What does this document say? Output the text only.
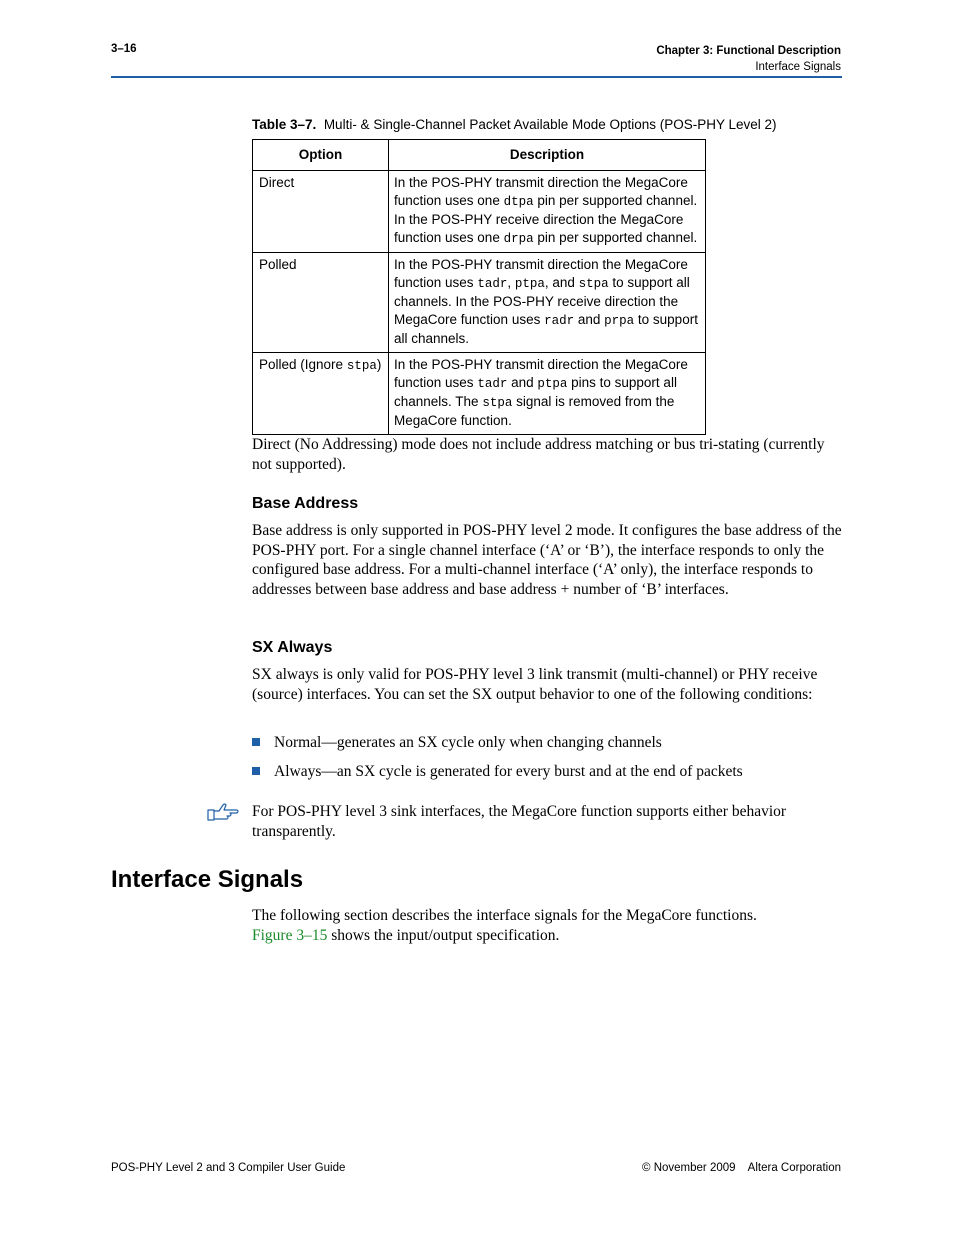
3–16	Chapter 3: Functional Description
Interface Signals
Table 3–7. Multi- & Single-Channel Packet Available Mode Options (POS-PHY Level 2)
Option	Description
Direct	In the POS-PHY transmit direction the MegaCore function uses one dtpa pin per supported channel. In the POS-PHY receive direction the MegaCore function uses one drpa pin per supported channel.
Polled	In the POS-PHY transmit direction the MegaCore function uses tadr, ptpa, and stpa to support all channels. In the POS-PHY receive direction the MegaCore function uses radr and prpa to support all channels.
Polled (Ignore stpa)	In the POS-PHY transmit direction the MegaCore function uses tadr and ptpa pins to support all channels. The stpa signal is removed from the MegaCore function.
Direct (No Addressing) mode does not include address matching or bus tri-stating (currently not supported).
Base Address
Base address is only supported in POS-PHY level 2 mode. It configures the base address of the POS-PHY port. For a single channel interface (‘A’ or ‘B’), the interface responds to only the configured base address. For a multi-channel interface (‘A’ only), the interface responds to addresses between base address and base address + number of ‘B’ interfaces.
SX Always
SX always is only valid for POS-PHY level 3 link transmit (multi-channel) or PHY receive (source) interfaces. You can set the SX output behavior to one of the following conditions:
Normal—generates an SX cycle only when changing channels
Always—an SX cycle is generated for every burst and at the end of packets
For POS-PHY level 3 sink interfaces, the MegaCore function supports either behavior transparently.
Interface Signals
The following section describes the interface signals for the MegaCore functions.
Figure 3–15 shows the input/output specification.
POS-PHY Level 2 and 3 Compiler User Guide	© November 2009    Altera Corporation
